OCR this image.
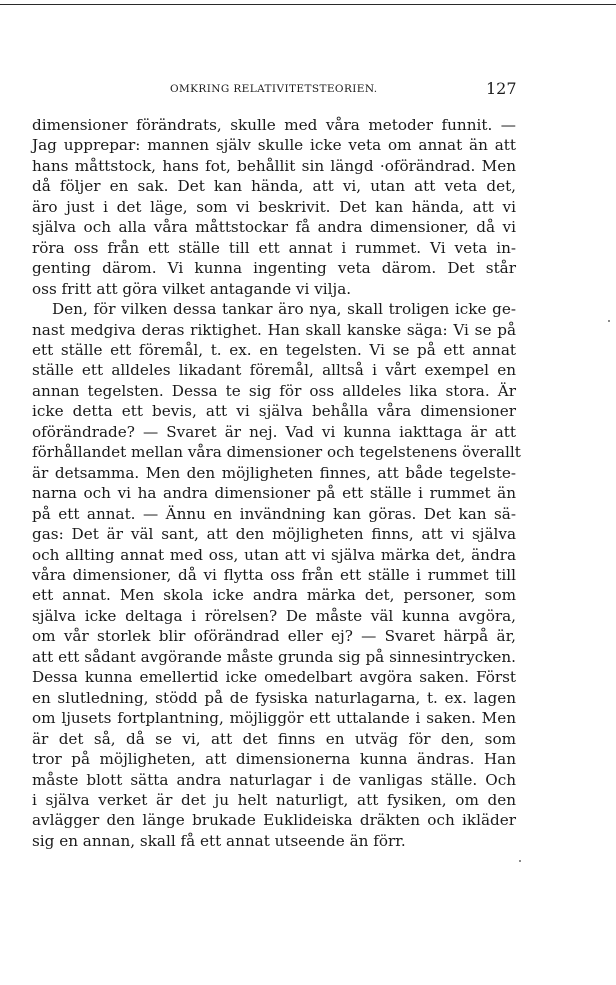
OMKRING RELATIVITETSTEORIEN.	127
dimensioner förändrats, skulle med våra metoder funnit. —
Jag upprepar: mannen själv skulle icke veta om annat än att
hans måttstock, hans fot, behållit sin längd ·oförändrad. Men
då följer en sak. Det kan hända, att vi, utan att veta det,
äro just i det läge, som vi beskrivit. Det kan hända, att vi
själva och alla våra måttstockar få andra dimensioner, då vi
röra oss från ett ställe till ett annat i rummet. Vi veta in-
genting därom. Vi kunna ingenting veta därom. Det står
oss fritt att göra vilket antagande vi vilja.
Den, för vilken dessa tankar äro nya, skall troligen icke ge-
nast medgiva deras riktighet. Han skall kanske säga: Vi se på
ett ställe ett föremål, t. ex. en tegelsten. Vi se på ett annat
ställe ett alldeles likadant föremål, alltså i vårt exempel en
annan tegelsten. Dessa te sig för oss alldeles lika stora. Är
icke detta ett bevis, att vi själva behålla våra dimensioner
oförändrade? — Svaret är nej. Vad vi kunna iakttaga är att
förhållandet mellan våra dimensioner och tegelstenens överallt
är detsamma. Men den möjligheten finnes, att både tegelste-
narna och vi ha andra dimensioner på ett ställe i rummet än
på ett annat. — Ännu en invändning kan göras. Det kan sä-
gas: Det är väl sant, att den möjligheten finns, att vi själva
och allting annat med oss, utan att vi själva märka det, ändra
våra dimensioner, då vi flytta oss från ett ställe i rummet till
ett annat. Men skola icke andra märka det, personer, som
själva icke deltaga i rörelsen? De måste väl kunna avgöra,
om vår storlek blir oförändrad eller ej? — Svaret härpå är,
att ett sådant avgörande måste grunda sig på sinnesintrycken.
Dessa kunna emellertid icke omedelbart avgöra saken. Först
en slutledning, stödd på de fysiska naturlagarna, t. ex. lagen
om ljusets fortplantning, möjliggör ett uttalande i saken. Men
är det så, då se vi, att det finns en utväg för den, som
tror på möjligheten, att dimensionerna kunna ändras. Han
måste blott sätta andra naturlagar i de vanligas ställe. Och
i själva verket är det ju helt naturligt, att fysiken, om den
avlägger den länge brukade Euklideiska dräkten och ikläder
sig en annan, skall få ett annat utseende än förr.
